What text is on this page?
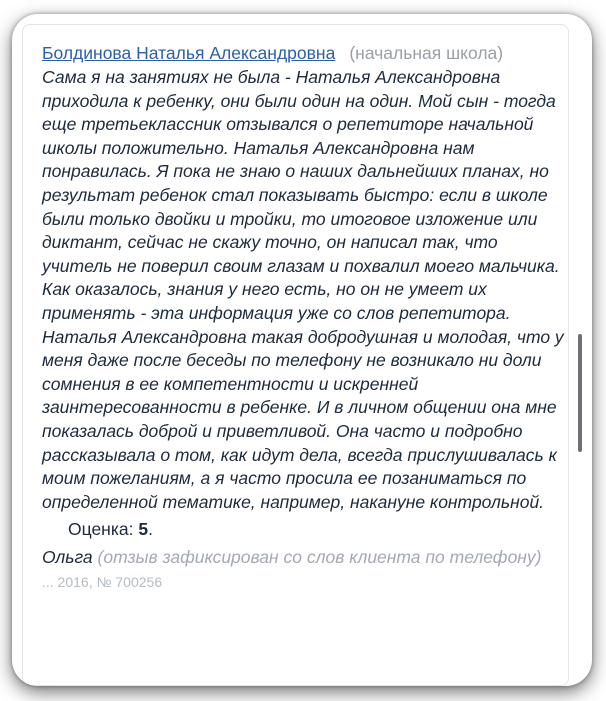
Болдинова Наталья Александровна (начальная школа)
Сама я на занятиях не была - Наталья Александровна приходила к ребенку, они были один на один. Мой сын - тогда еще третьеклассник отзывался о репетиторе начальной школы положительно. Наталья Александровна нам понравилась. Я пока не знаю о наших дальнейших планах, но результат ребенок стал показывать быстро: если в школе были только двойки и тройки, то итоговое изложение или диктант, сейчас не скажу точно, он написал так, что учитель не поверил своим глазам и похвалил моего мальчика. Как оказалось, знания у него есть, но он не умеет их применять - эта информация уже со слов репетитора. Наталья Александровна такая добродушная и молодая, что у меня даже после беседы по телефону не возникало ни доли сомнения в ее компетентности и искренней заинтересованности в ребенке. И в личном общении она мне показалась доброй и приветливой. Она часто и подробно рассказывала о том, как идут дела, всегда прислушивалась к моим пожеланиям, а я часто просила ее позаниматься по определенной тематике, например, накануне контрольной.
Оценка: 5.
Ольга (отзыв зафиксирован со слов клиента по телефону)
... 2016, № 700256
